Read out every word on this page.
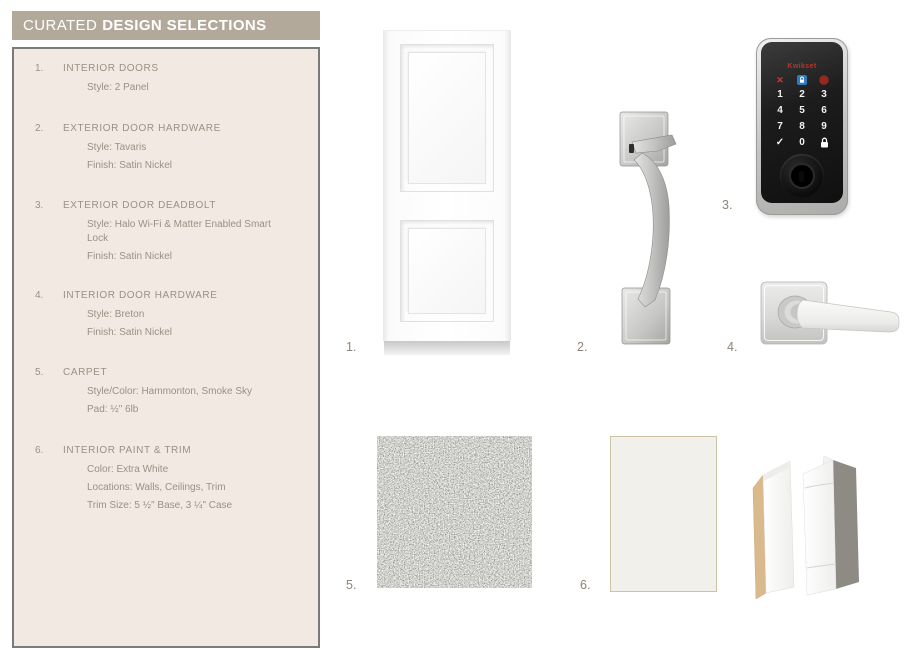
CURATED DESIGN SELECTIONS
1.	INTERIOR DOORS
Style: 2 Panel
2.	EXTERIOR DOOR HARDWARE
Style: Tavaris
Finish: Satin Nickel
3.	EXTERIOR DOOR DEADBOLT
Style: Halo Wi-Fi & Matter Enabled Smart Lock
Finish: Satin Nickel
4.	INTERIOR DOOR HARDWARE
Style: Breton
Finish: Satin Nickel
5.	CARPET
Style/Color: Hammonton, Smoke Sky
Pad: ½" 6lb
6.	INTERIOR PAINT & TRIM
Color: Extra White
Locations: Walls, Ceilings, Trim
Trim Size: 5 ½" Base, 3 ¼" Case
1.	2.
Kwikset
✕
1	2	3
4	5	6
7	8	9
✓	0
3.
4.
5.	6.
